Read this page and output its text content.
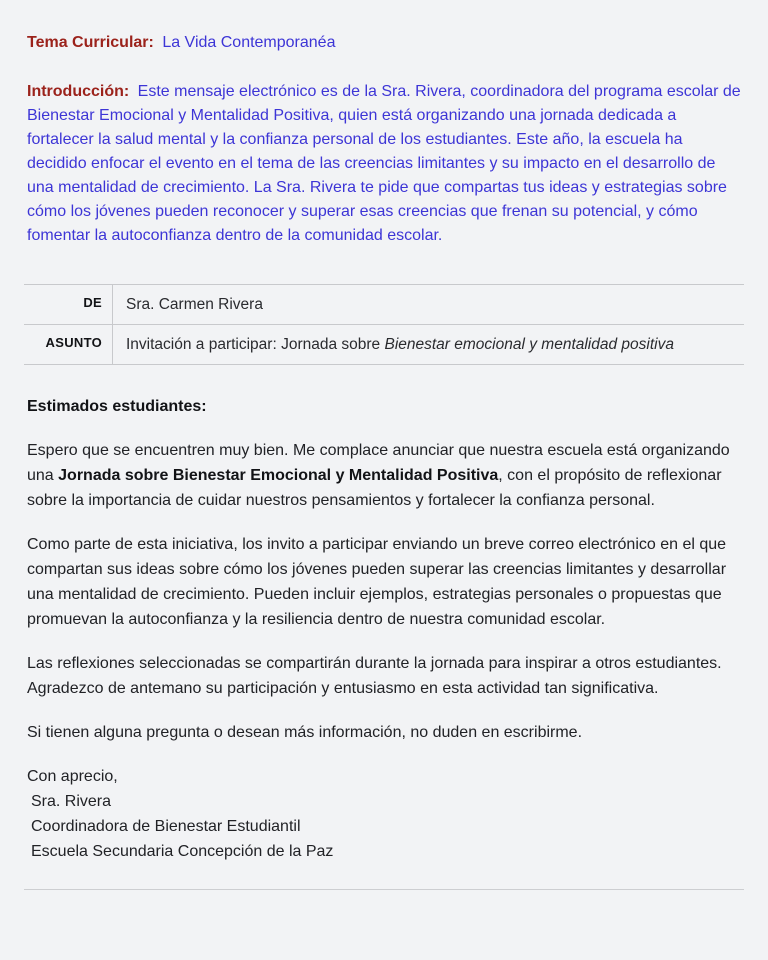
Tema Curricular: La Vida Contemporanéa

Introducción: Este mensaje electrónico es de la Sra. Rivera, coordinadora del programa escolar de Bienestar Emocional y Mentalidad Positiva, quien está organizando una jornada dedicada a fortalecer la salud mental y la confianza personal de los estudiantes. Este año, la escuela ha decidido enfocar el evento en el tema de las creencias limitantes y su impacto en el desarrollo de una mentalidad de crecimiento. La Sra. Rivera te pide que compartas tus ideas y estrategias sobre cómo los jóvenes pueden reconocer y superar esas creencias que frenan su potencial, y cómo fomentar la autoconfianza dentro de la comunidad escolar.

DE	Sra. Carmen Rivera
ASUNTO	Invitación a participar: Jornada sobre Bienestar emocional y mentalidad positiva

Estimados estudiantes:

Espero que se encuentren muy bien. Me complace anunciar que nuestra escuela está organizando una Jornada sobre Bienestar Emocional y Mentalidad Positiva, con el propósito de reflexionar sobre la importancia de cuidar nuestros pensamientos y fortalecer la confianza personal.

Como parte de esta iniciativa, los invito a participar enviando un breve correo electrónico en el que compartan sus ideas sobre cómo los jóvenes pueden superar las creencias limitantes y desarrollar una mentalidad de crecimiento. Pueden incluir ejemplos, estrategias personales o propuestas que promuevan la autoconfianza y la resiliencia dentro de nuestra comunidad escolar.

Las reflexiones seleccionadas se compartirán durante la jornada para inspirar a otros estudiantes. Agradezco de antemano su participación y entusiasmo en esta actividad tan significativa.

Si tienen alguna pregunta o desean más información, no duden en escribirme.

Con aprecio,
Sra. Rivera
Coordinadora de Bienestar Estudiantil
Escuela Secundaria Concepción de la Paz
